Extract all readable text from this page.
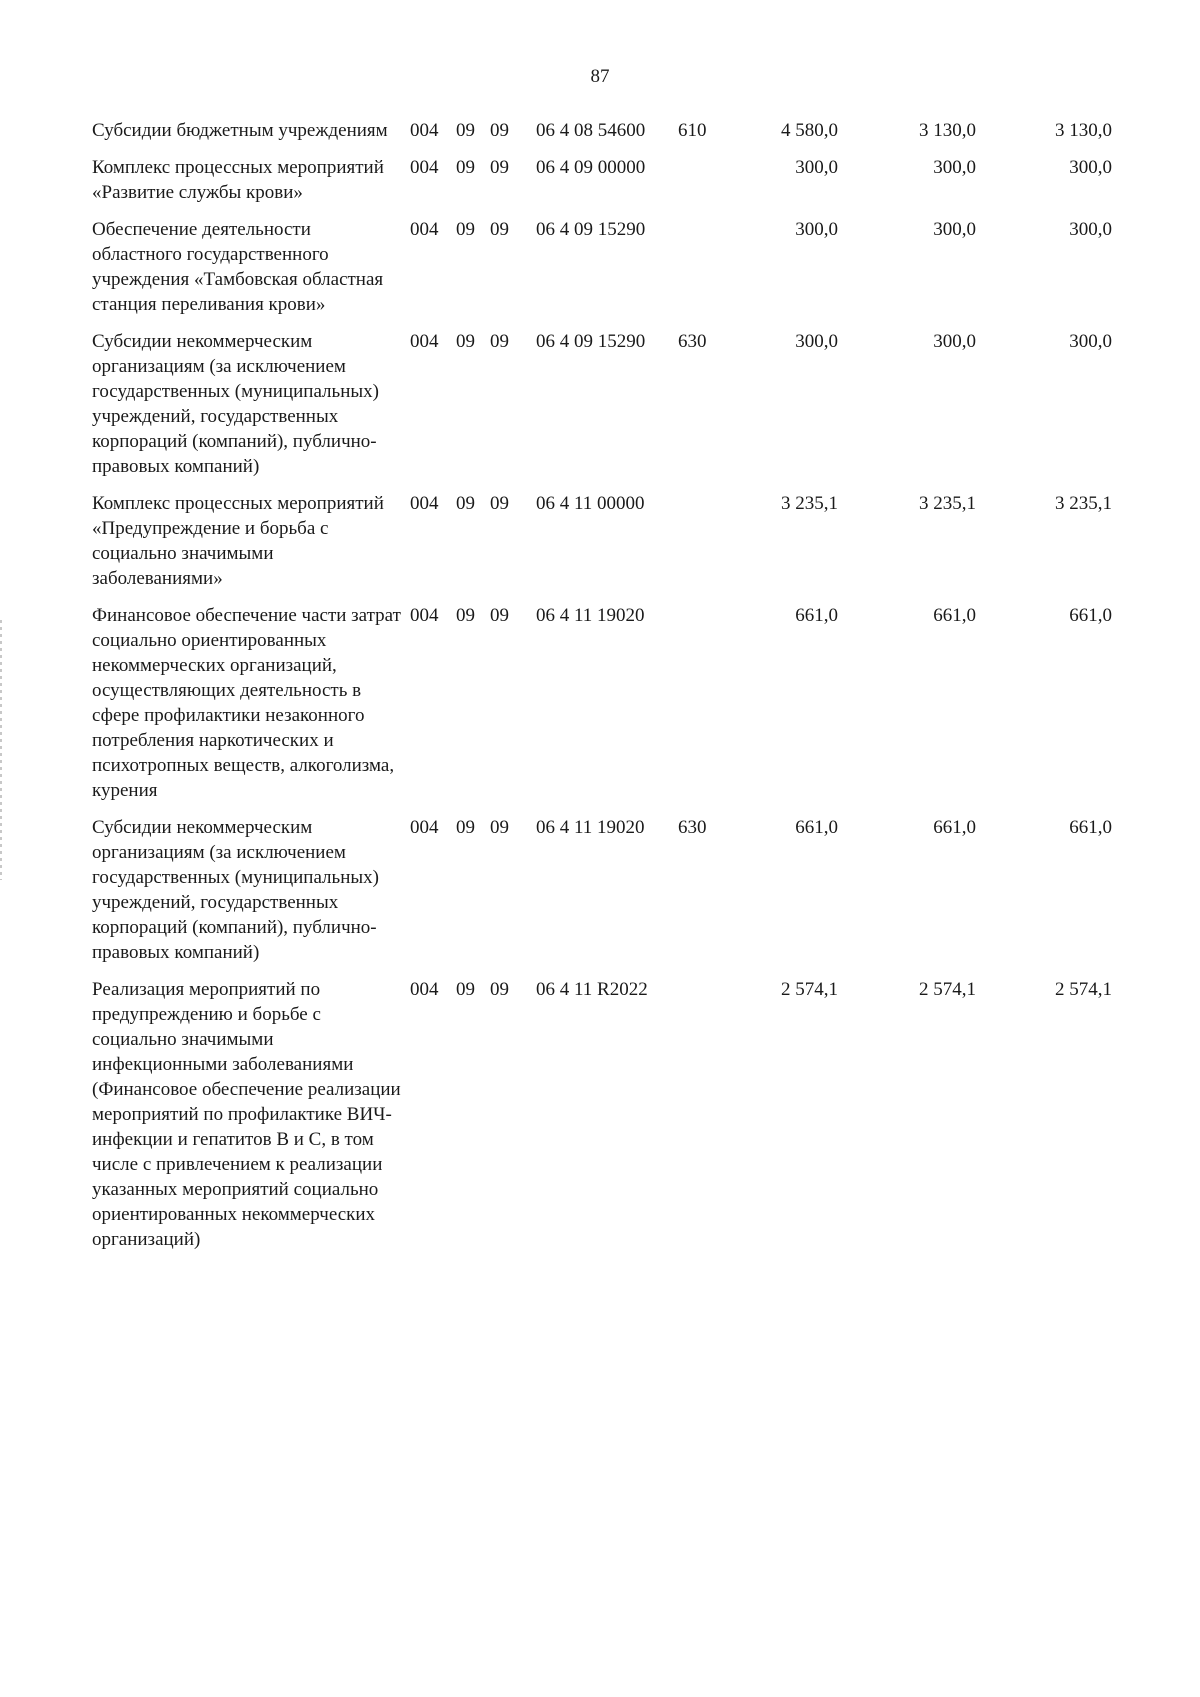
87
Субсидии бюджетным учреждениям	004	09	09	06 4 08 54600	610	4 580,0	3 130,0	3 130,0
Комплекс процессных мероприятий «Развитие службы крови»	004	09	09	06 4 09 00000		300,0	300,0	300,0
Обеспечение деятельности областного государственного учреждения «Тамбовская областная станция переливания крови»	004	09	09	06 4 09 15290		300,0	300,0	300,0
Субсидии некоммерческим организациям (за исключением государственных (муниципальных) учреждений, государственных корпораций (компаний), публично-правовых компаний)	004	09	09	06 4 09 15290	630	300,0	300,0	300,0
Комплекс процессных мероприятий «Предупреждение и борьба с социально значимыми заболеваниями»	004	09	09	06 4 11 00000		3 235,1	3 235,1	3 235,1
Финансовое обеспечение части затрат социально ориентированных некоммерческих организаций, осуществляющих деятельность в сфере профилактики незаконного потребления наркотических и психотропных веществ, алкоголизма, курения	004	09	09	06 4 11 19020		661,0	661,0	661,0
Субсидии некоммерческим организациям (за исключением государственных (муниципальных) учреждений, государственных корпораций (компаний), публично-правовых компаний)	004	09	09	06 4 11 19020	630	661,0	661,0	661,0
Реализация мероприятий по предупреждению и борьбе с социально значимыми инфекционными заболеваниями (Финансовое обеспечение реализации мероприятий по профилактике ВИЧ-инфекции и гепатитов В и С, в том числе с привлечением к реализации указанных мероприятий социально ориентированных некоммерческих организаций)	004	09	09	06 4 11 R2022		2 574,1	2 574,1	2 574,1
